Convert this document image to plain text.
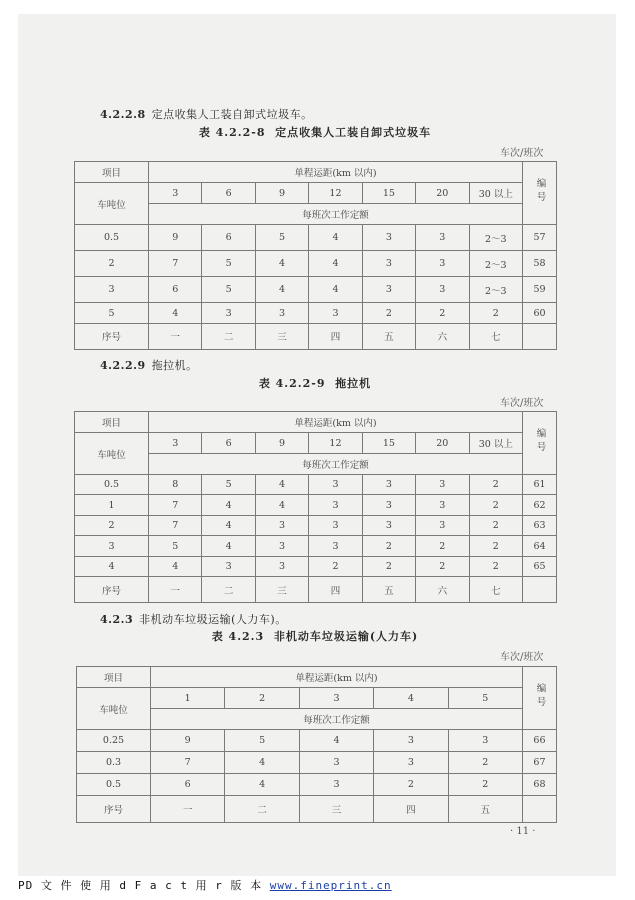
4.2.2.8 定点收集人工装自卸式垃圾车。
表 4.2.2-8 定点收集人工装自卸式垃圾车
车次/班次
项目	单程运距(km 以内)							编号
车吨位	3	6	9	12	15	20	30 以上	
	每班次工作定额							
0.5	9	6	5	4	3	3	2～3	57
2	7	5	4	4	3	3	2～3	58
3	6	5	4	4	3	3	2～3	59
5	4	3	3	3	2	2	2	60
序号	一	二	三	四	五	六	七	
4.2.2.9 拖拉机。
表 4.2.2-9 拖拉机
车次/班次
项目	单程运距(km 以内)							编号
车吨位	3	6	9	12	15	20	30 以上	
	每班次工作定额							
0.5	8	5	4	3	3	3	2	61
1	7	4	4	3	3	3	2	62
2	7	4	3	3	3	3	2	63
3	5	4	3	3	2	2	2	64
4	4	3	3	2	2	2	2	65
序号	一	二	三	四	五	六	七	
4.2.3 非机动车垃圾运输(人力车)。
表 4.2.3 非机动车垃圾运输(人力车)
车次/班次
项目	单程运距(km 以内)					编号
车吨位	1	2	3	4	5	
	每班次工作定额					
0.25	9	5	4	3	3	66
0.3	7	4	3	3	2	67
0.5	6	4	3	2	2	68
序号	一	二	三	四	五	
· 11 ·
PD 文 件 使 用 d F a c t 用 r 版 本 www.fineprint.cn
